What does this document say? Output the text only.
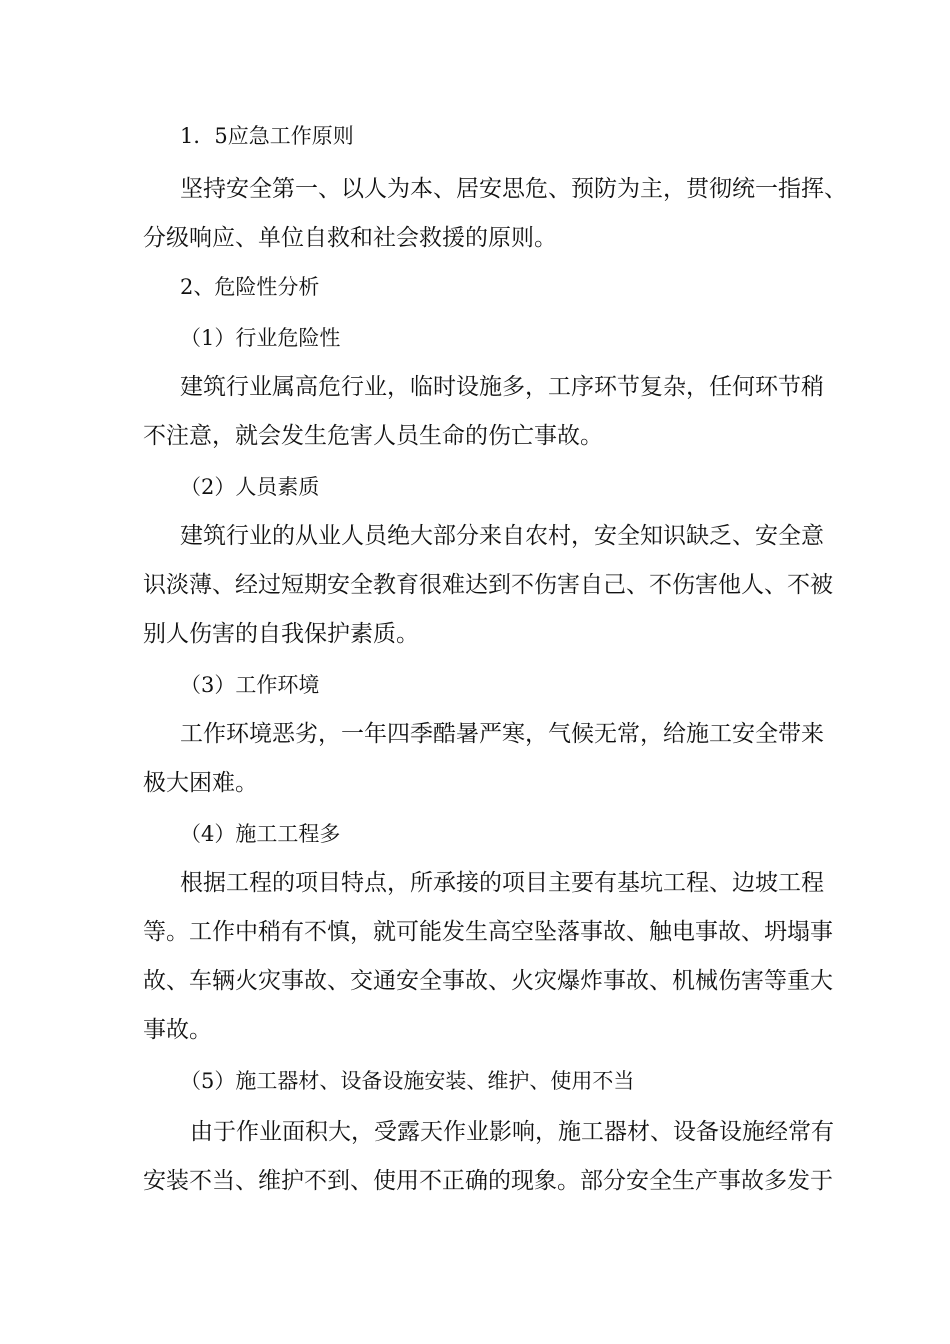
1．5应急工作原则
坚持安全第一、以人为本、居安思危、预防为主，贯彻统一指挥、
分级响应、单位自救和社会救援的原则。
2、危险性分析
（1）行业危险性
建筑行业属高危行业，临时设施多，工序环节复杂，任何环节稍
不注意，就会发生危害人员生命的伤亡事故。
（2）人员素质
建筑行业的从业人员绝大部分来自农村，安全知识缺乏、安全意
识淡薄、经过短期安全教育很难达到不伤害自己、不伤害他人、不被
别人伤害的自我保护素质。
（3）工作环境
工作环境恶劣，一年四季酷暑严寒，气候无常，给施工安全带来
极大困难。
（4）施工工程多
根据工程的项目特点，所承接的项目主要有基坑工程、边坡工程
等。工作中稍有不慎，就可能发生高空坠落事故、触电事故、坍塌事
故、车辆火灾事故、交通安全事故、火灾爆炸事故、机械伤害等重大
事故。
（5）施工器材、设备设施安装、维护、使用不当
由于作业面积大，受露天作业影响，施工器材、设备设施经常有
安装不当、维护不到、使用不正确的现象。部分安全生产事故多发于
